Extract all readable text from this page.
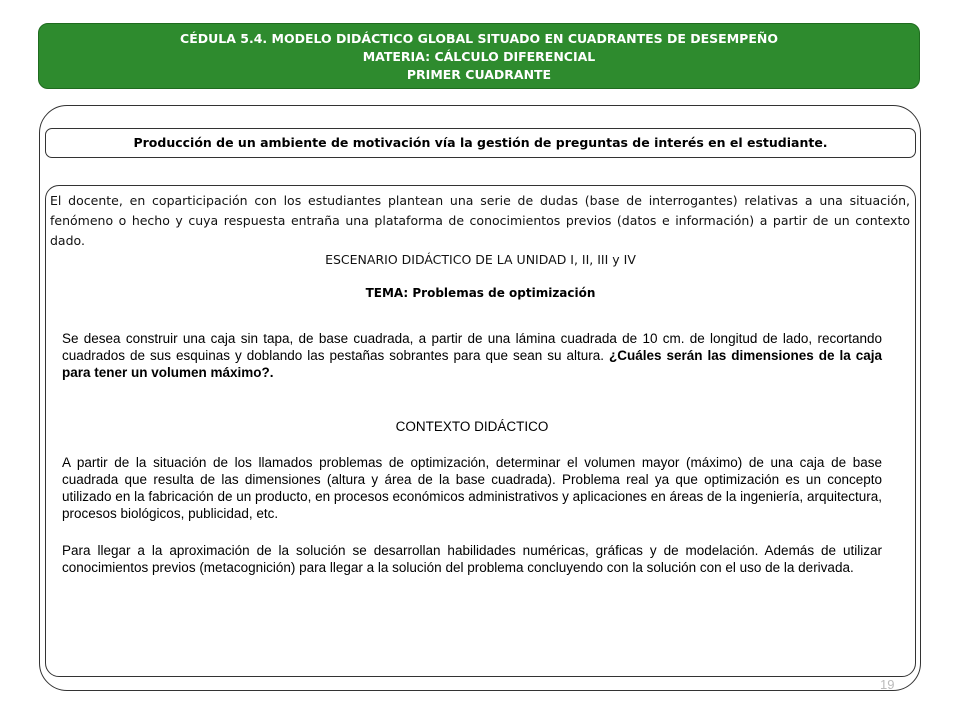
CÉDULA 5.4. MODELO DIDÁCTICO GLOBAL SITUADO EN CUADRANTES DE DESEMPEÑO
MATERIA: CÁLCULO DIFERENCIAL
PRIMER CUADRANTE
Producción de un ambiente de motivación vía la gestión de preguntas de interés en el estudiante.
El docente, en coparticipación con los estudiantes plantean una serie de dudas (base de interrogantes) relativas a una situación, fenómeno o hecho y cuya respuesta entraña una plataforma de conocimientos previos (datos e información) a partir de un contexto dado.
ESCENARIO DIDÁCTICO DE LA UNIDAD I, II, III y IV
TEMA: Problemas de optimización
Se desea construir una caja sin tapa, de base cuadrada, a partir de una lámina cuadrada de 10 cm. de longitud de lado, recortando cuadrados de sus esquinas y doblando las pestañas sobrantes para que sean su altura. ¿Cuáles serán las dimensiones de la caja para tener un volumen máximo?.
CONTEXTO DIDÁCTICO
A partir de la situación de los llamados problemas de optimización, determinar el volumen mayor (máximo) de una caja de base cuadrada que resulta de las dimensiones (altura y área de la base cuadrada). Problema real ya que optimización es un concepto utilizado en la fabricación de un producto, en procesos económicos administrativos y aplicaciones en áreas de la ingeniería, arquitectura, procesos biológicos, publicidad, etc.
Para llegar a la aproximación de la solución se desarrollan habilidades numéricas, gráficas y de modelación. Además de utilizar conocimientos previos (metacognición) para llegar a la solución del problema concluyendo con la solución con el uso de la derivada.
19
